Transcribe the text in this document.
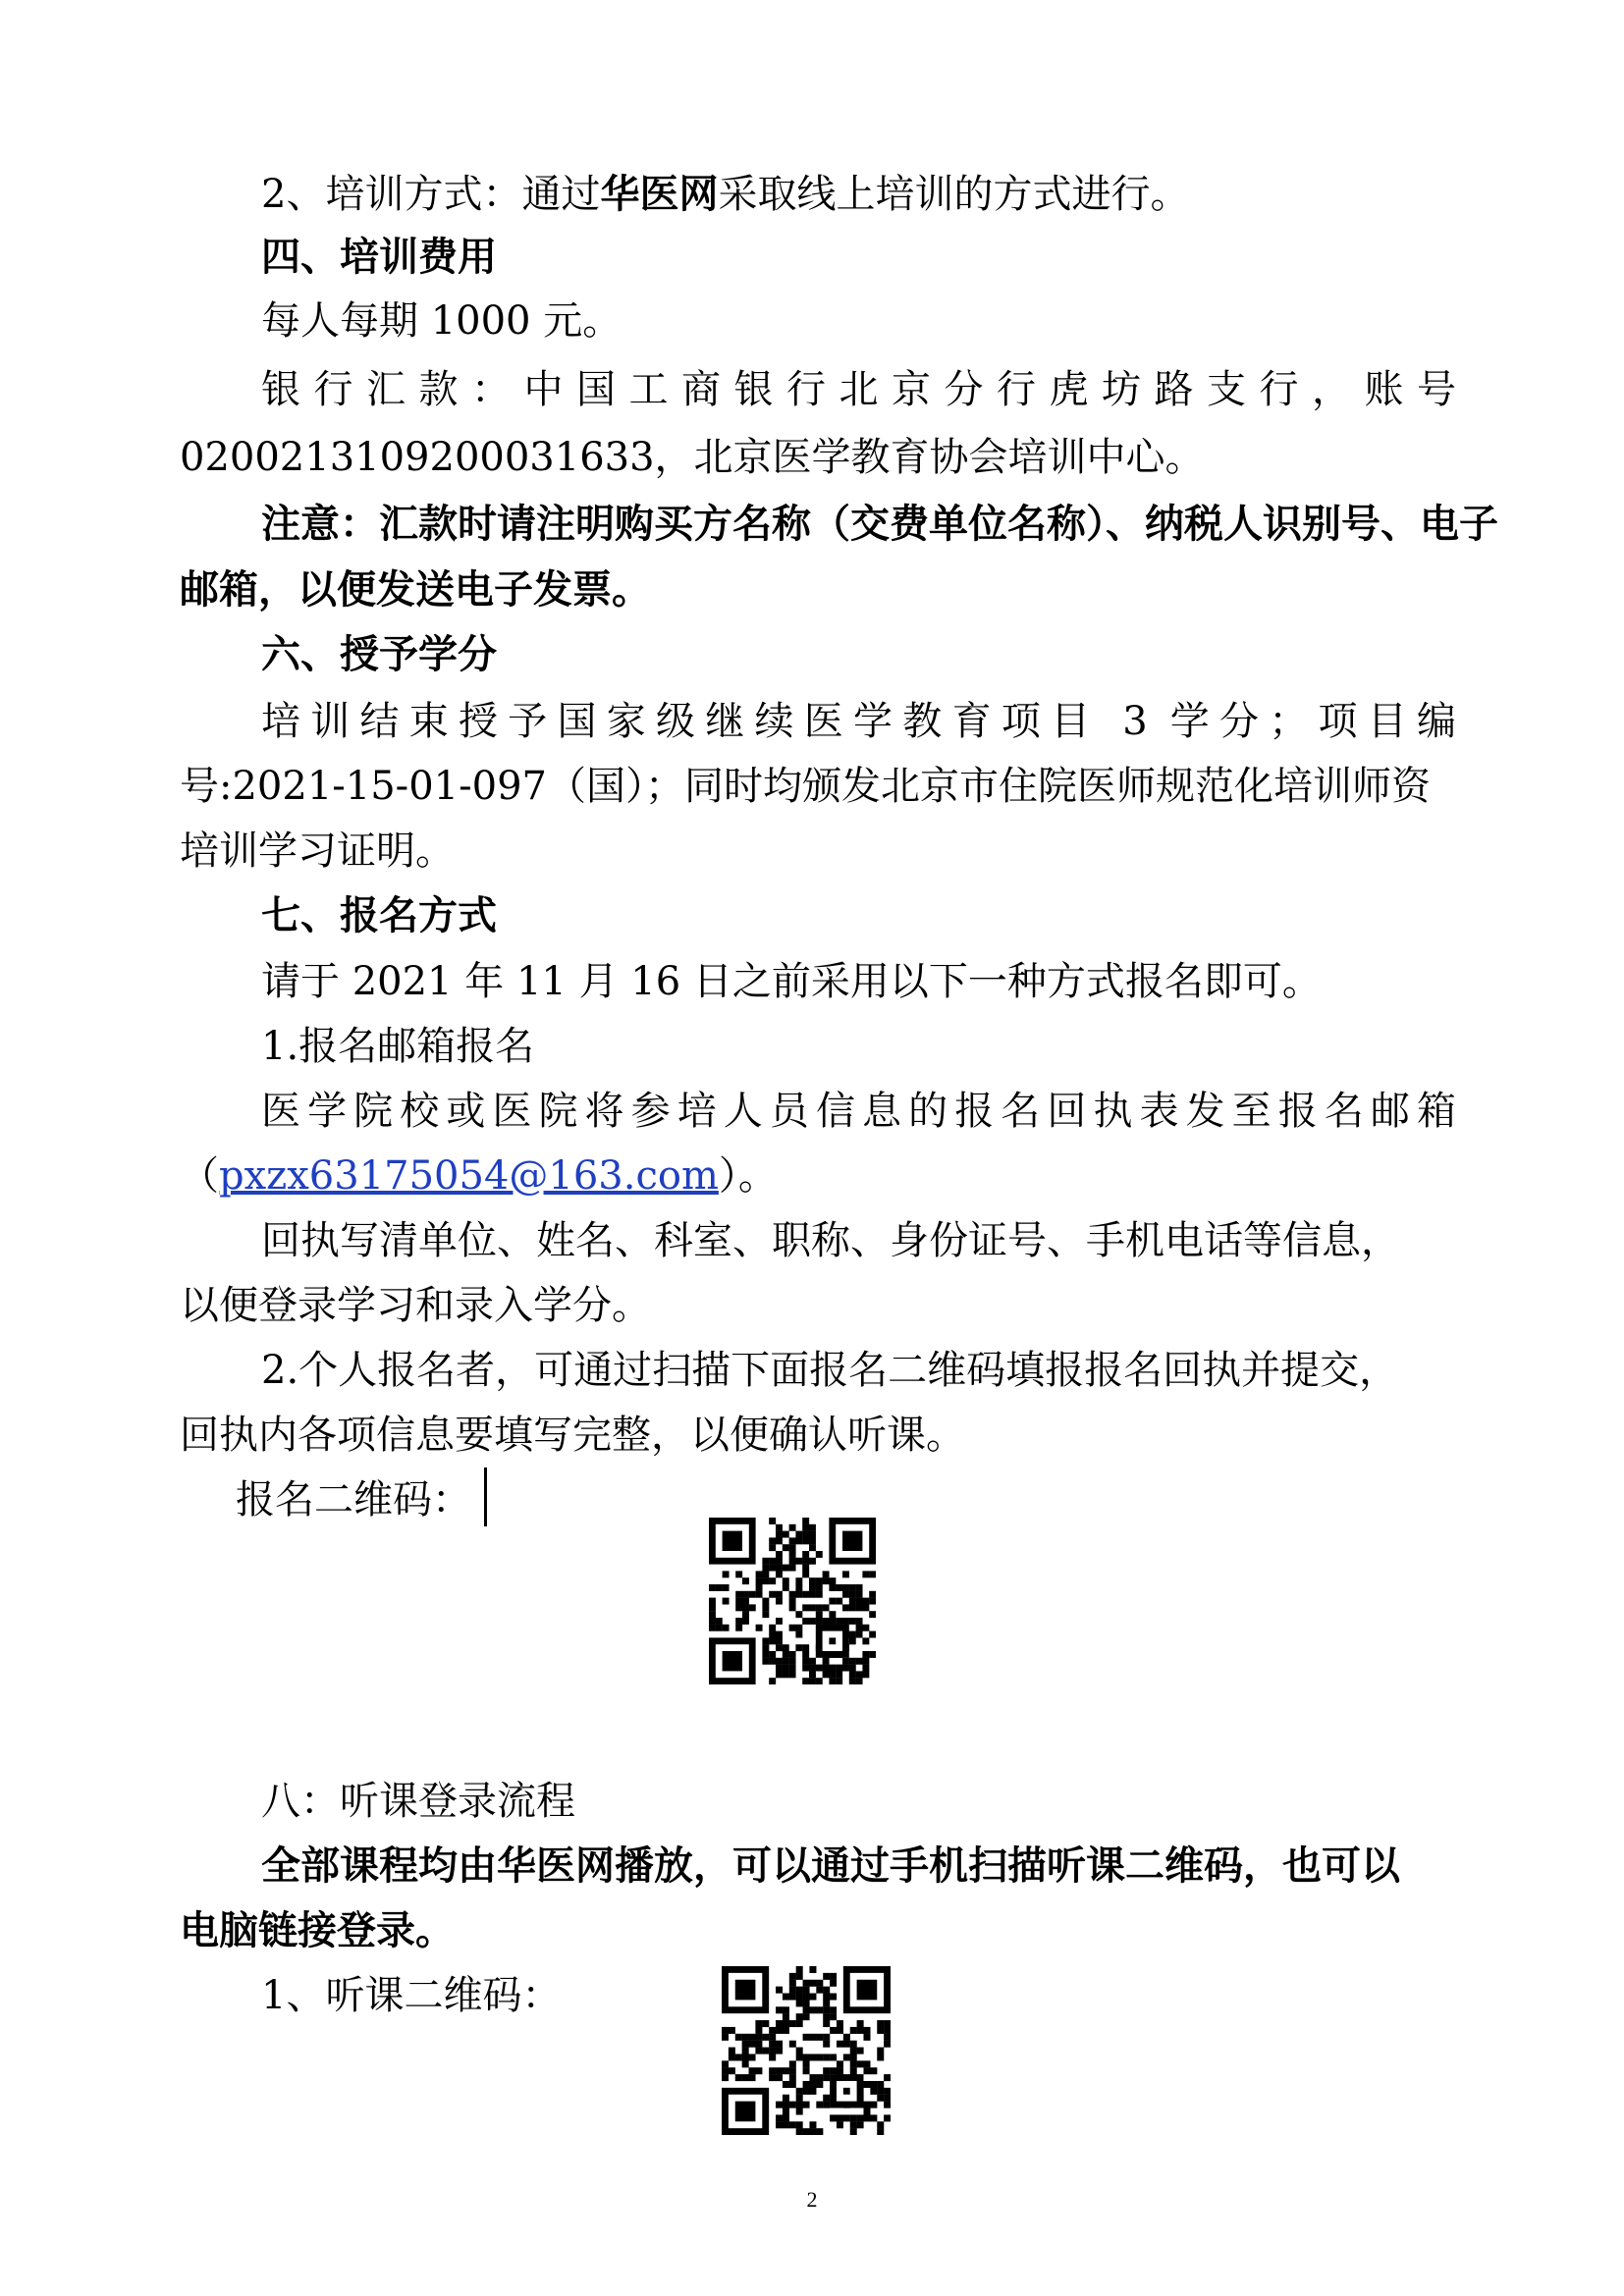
2、培训方式：通过华医网采取线上培训的方式进行。
四、培训费用
每人每期 1000 元。
银行汇款：中国工商银行北京分行虎坊路支行，账号
0200213109200031633，北京医学教育协会培训中心。
注意：汇款时请注明购买方名称（交费单位名称）、纳税人识别号、电子
邮箱，以便发送电子发票。
六、授予学分
培训结束授予国家级继续医学教育项目 3 学分；项目编
号:2021-15-01-097（国）；同时均颁发北京市住院医师规范化培训师资
培训学习证明。
七、报名方式
请于 2021 年 11 月 16 日之前采用以下一种方式报名即可。
1.报名邮箱报名
医学院校或医院将参培人员信息的报名回执表发至报名邮箱
（pxzx63175054@163.com）。
回执写清单位、姓名、科室、职称、身份证号、手机电话等信息，
以便登录学习和录入学分。
2.个人报名者，可通过扫描下面报名二维码填报报名回执并提交，
回执内各项信息要填写完整，以便确认听课。
报名二维码：
八：听课登录流程
全部课程均由华医网播放，可以通过手机扫描听课二维码，也可以
电脑链接登录。
1、听课二维码：
2
